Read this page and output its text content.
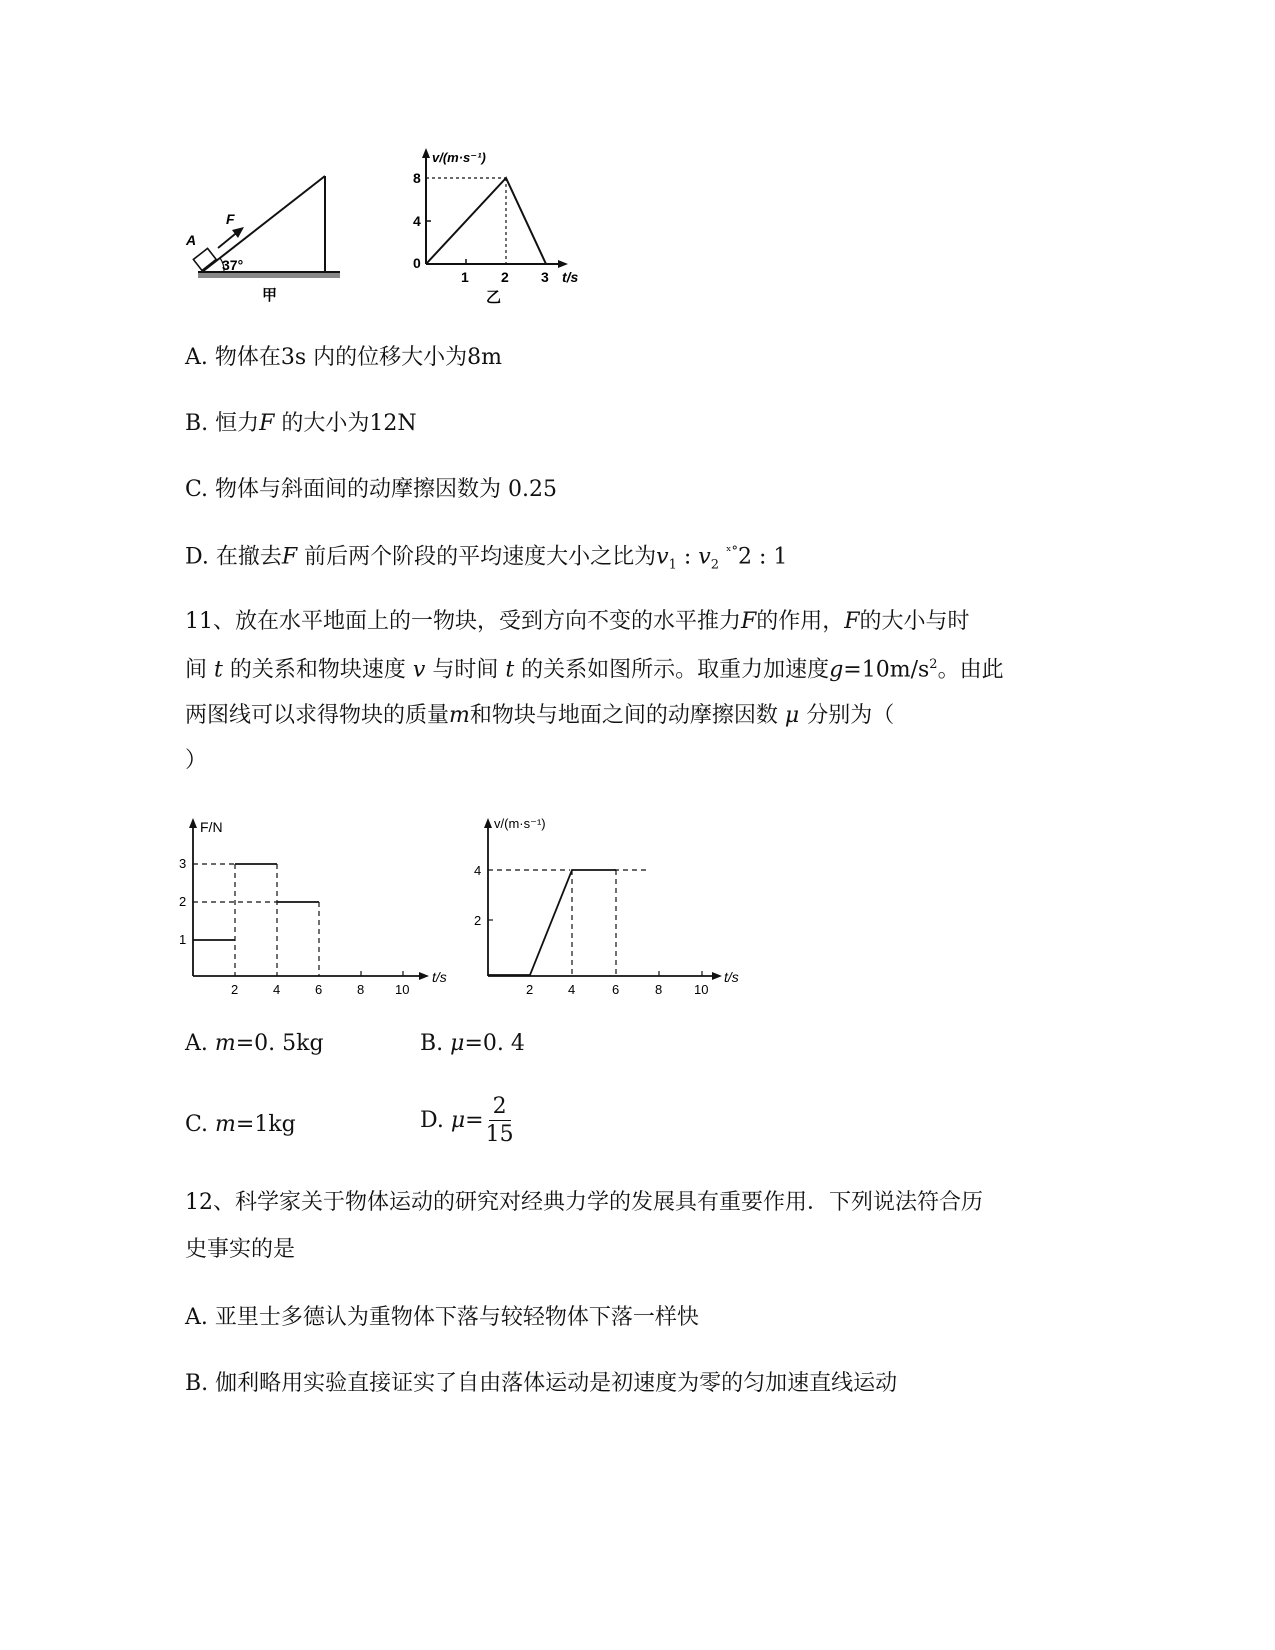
A
F
37°
甲
v/(m·s⁻¹)
8
4
0
1 2 3 t/s
乙
A. 物体在3s 内的位移大小为8m
B. 恒力F 的大小为12N
C. 物体与斜面间的动摩擦因数为 0.25
D. 在撤去F 前后两个阶段的平均速度大小之比为$v_1$ : $v_2$ $^{ˣ^\circ}$2 : 1
11、放在水平地面上的一物块，受到方向不变的水平推力F的作用，F的大小与时
间 t 的关系和物块速度 v 与时间 t 的关系如图所示。取重力加速度$g=10m/s^2$。由此
两图线可以求得物块的质量m和物块与地面之间的动摩擦因数 μ 分别为（
）
F/N
3
2
1
2	4	6	8 10
t/s
v/(m·s⁻¹)
4
2
2	4	6	8 10
t/s
A. m=0. 5kg	B. μ=0. 4
C. m=1kg	D. $\mu= \frac{2}{15}$
12、科学家关于物体运动的研究对经典力学的发展具有重要作用．下列说法符合历
史事实的是
A. 亚里士多德认为重物体下落与较轻物体下落一样快
B. 伽利略用实验直接证实了自由落体运动是初速度为零的匀加速直线运动
